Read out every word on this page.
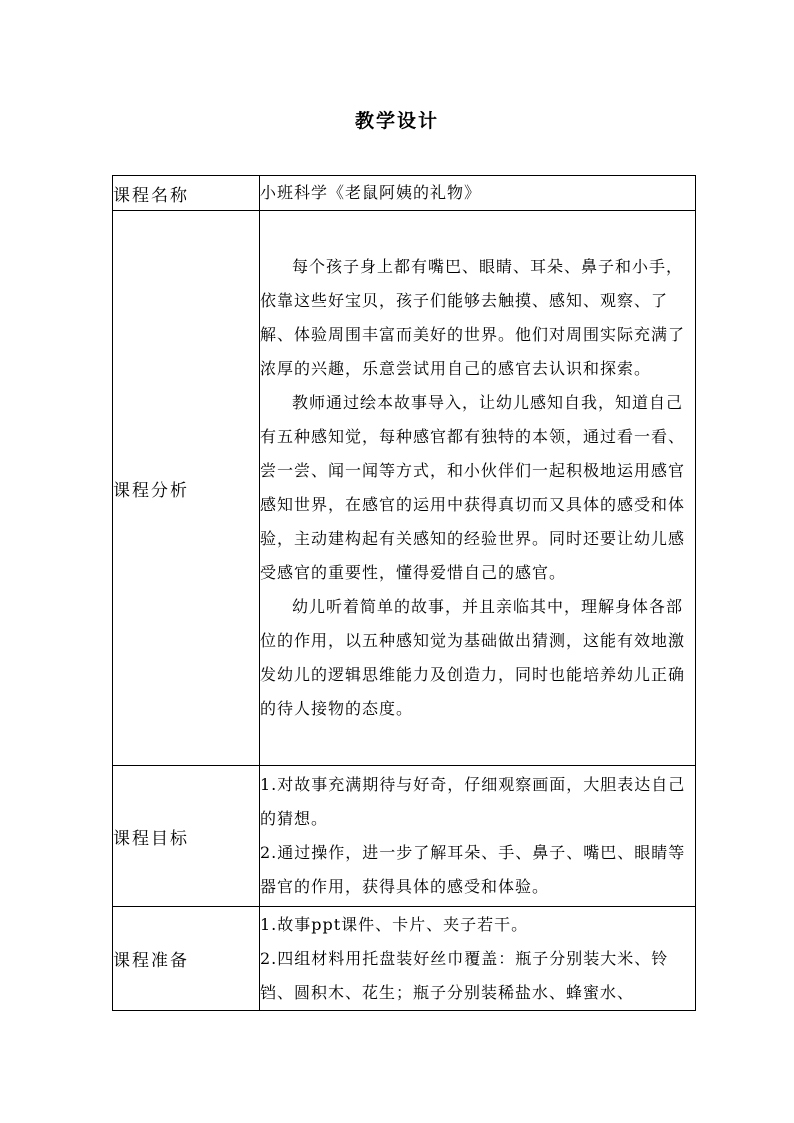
教学设计
课程名称	小班科学《老鼠阿姨的礼物》
课程分析	每个孩子身上都有嘴巴、眼睛、耳朵、鼻子和小手，依靠这些好宝贝，孩子们能够去触摸、感知、观察、了解、体验周围丰富而美好的世界。他们对周围实际充满了浓厚的兴趣，乐意尝试用自己的感官去认识和探索。

教师通过绘本故事导入，让幼儿感知自我，知道自己有五种感知觉，每种感官都有独特的本领，通过看一看、尝一尝、闻一闻等方式，和小伙伴们一起积极地运用感官感知世界，在感官的运用中获得真切而又具体的感受和体验，主动建构起有关感知的经验世界。同时还要让幼儿感受感官的重要性，懂得爱惜自己的感官。

幼儿听着简单的故事，并且亲临其中，理解身体各部位的作用，以五种感知觉为基础做出猜测，这能有效地激发幼儿的逻辑思维能力及创造力，同时也能培养幼儿正确的待人接物的态度。

课程目标	1.对故事充满期待与好奇，仔细观察画面，大胆表达自己的猜想。

2.通过操作，进一步了解耳朵、手、鼻子、嘴巴、眼睛等器官的作用，获得具体的感受和体验。

课程准备	1.故事ppt课件、卡片、夹子若干。

2.四组材料用托盘装好丝巾覆盖：瓶子分别装大米、铃铛、圆积木、花生；瓶子分别装稀盐水、蜂蜜水、
